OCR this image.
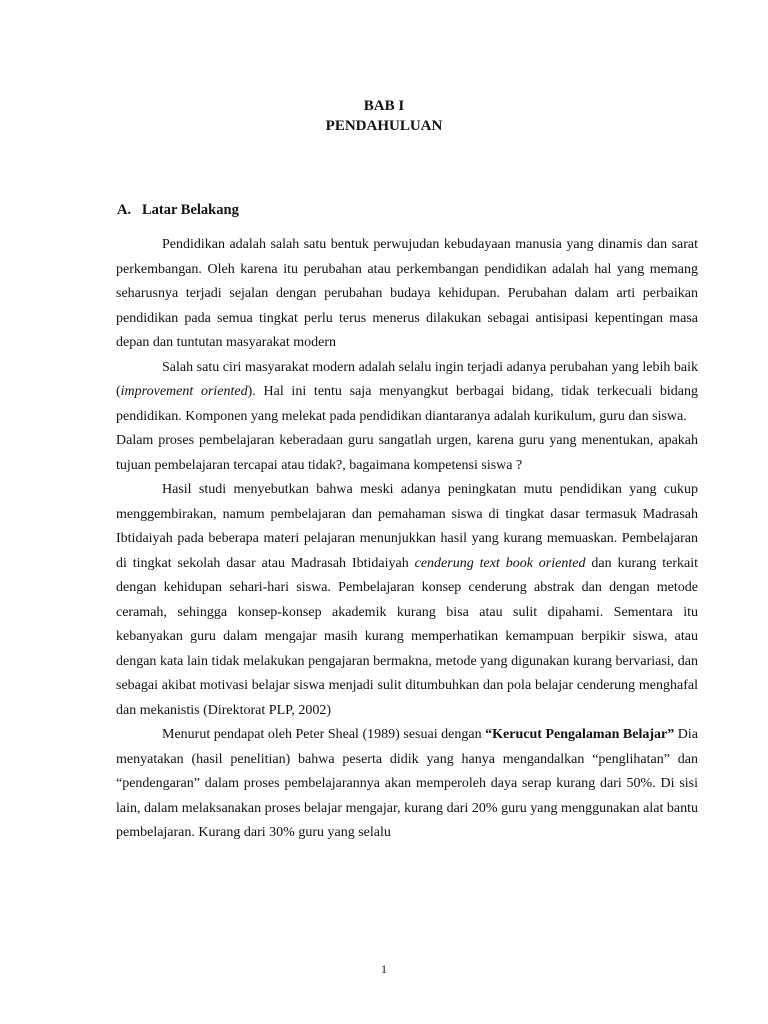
BAB I
PENDAHULUAN
A. Latar Belakang

Pendidikan adalah salah satu bentuk perwujudan kebudayaan manusia yang dinamis dan sarat perkembangan. Oleh karena itu perubahan atau perkembangan pendidikan adalah hal yang memang seharusnya terjadi sejalan dengan perubahan budaya kehidupan. Perubahan dalam arti perbaikan pendidikan pada semua tingkat perlu terus menerus dilakukan sebagai antisipasi kepentingan masa depan dan tuntutan masyarakat modern

Salah satu ciri masyarakat modern adalah selalu ingin terjadi adanya perubahan yang lebih baik (improvement oriented). Hal ini tentu saja menyangkut berbagai bidang, tidak terkecuali bidang pendidikan. Komponen yang melekat pada pendidikan diantaranya adalah kurikulum, guru dan siswa.

Dalam proses pembelajaran keberadaan guru sangatlah urgen, karena guru yang menentukan, apakah tujuan pembelajaran tercapai atau tidak?, bagaimana kompetensi siswa ?

Hasil studi menyebutkan bahwa meski adanya peningkatan mutu pendidikan yang cukup menggembirakan, namum pembelajaran dan pemahaman siswa di tingkat dasar termasuk Madrasah Ibtidaiyah pada beberapa materi pelajaran menunjukkan hasil yang kurang memuaskan. Pembelajaran di tingkat sekolah dasar atau Madrasah Ibtidaiyah cenderung text book oriented dan kurang terkait dengan kehidupan sehari-hari siswa. Pembelajaran konsep cenderung abstrak dan dengan metode ceramah, sehingga konsep-konsep akademik kurang bisa atau sulit dipahami. Sementara itu kebanyakan guru dalam mengajar masih kurang memperhatikan kemampuan berpikir siswa, atau dengan kata lain tidak melakukan pengajaran bermakna, metode yang digunakan kurang bervariasi, dan sebagai akibat motivasi belajar siswa menjadi sulit ditumbuhkan dan pola belajar cenderung menghafal dan mekanistis (Direktorat PLP, 2002)

Menurut pendapat oleh Peter Sheal (1989) sesuai dengan “Kerucut Pengalaman Belajar” Dia menyatakan (hasil penelitian) bahwa peserta didik yang hanya mengandalkan “penglihatan” dan “pendengaran” dalam proses pembelajarannya akan memperoleh daya serap kurang dari 50%. Di sisi lain, dalam melaksanakan proses belajar mengajar, kurang dari 20% guru yang menggunakan alat bantu pembelajaran. Kurang dari 30% guru yang selalu

1
